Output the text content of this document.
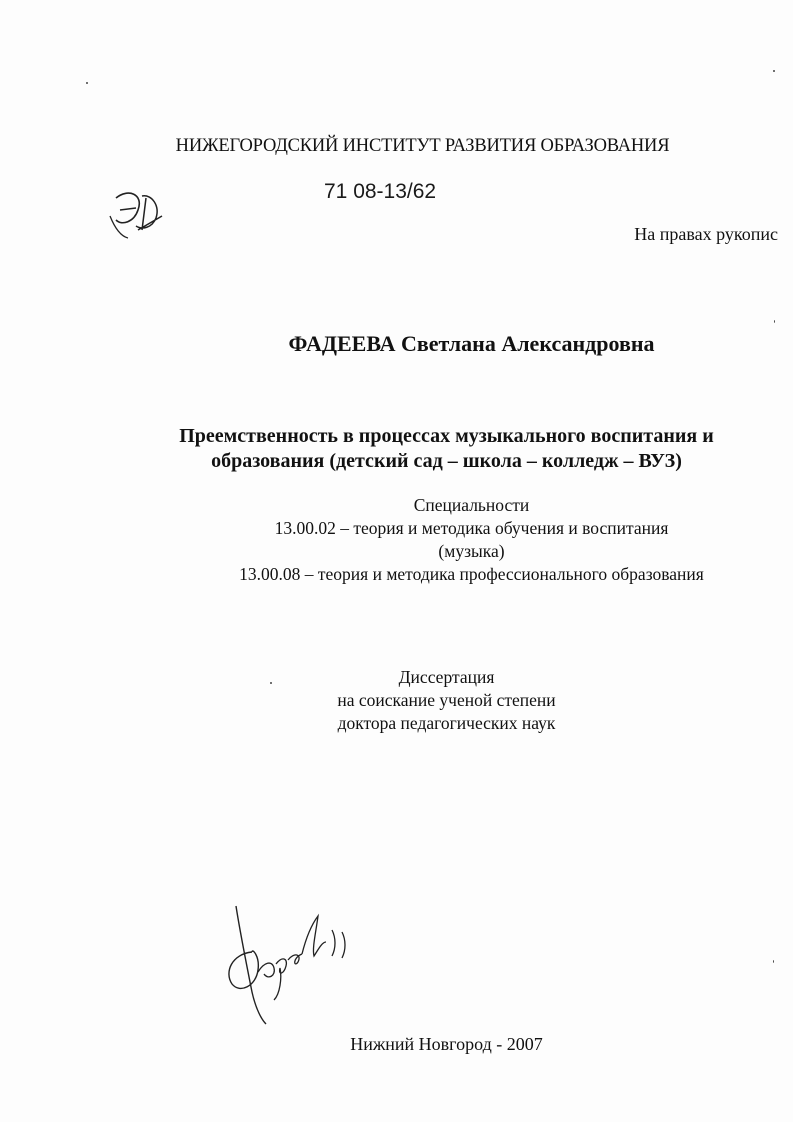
НИЖЕГОРОДСКИЙ ИНСТИТУТ РАЗВИТИЯ ОБРАЗОВАНИЯ
71 08-13/62
На правах рукопис
ФАДЕЕВА Светлана Александровна
Преемственность в процессах музыкального воспитания и
образования (детский сад – школа – колледж – ВУЗ)
Специальности
13.00.02 – теория и методика обучения и воспитания
(музыка)
13.00.08 – теория и методика профессионального образования
Диссертация
на соискание ученой степени
доктора педагогических наук
Нижний Новгород - 2007
